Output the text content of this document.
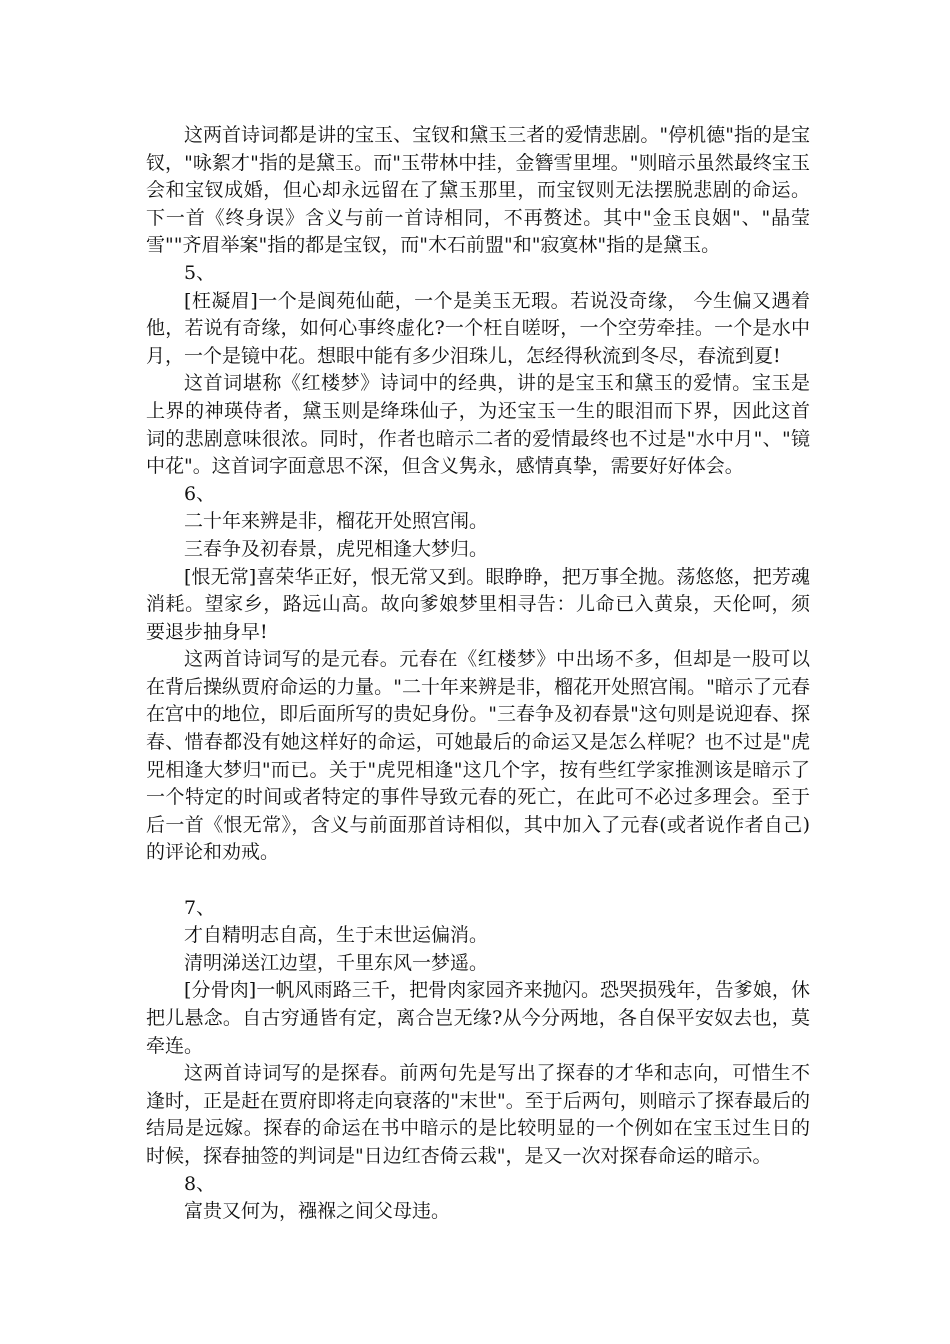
这两首诗词都是讲的宝玉、宝钗和黛玉三者的爱情悲剧。"停机德"指的是宝钗，"咏絮才"指的是黛玉。而"玉带林中挂，金簪雪里埋。"则暗示虽然最终宝玉会和宝钗成婚，但心却永远留在了黛玉那里，而宝钗则无法摆脱悲剧的命运。下一首《终身误》含义与前一首诗相同，不再赘述。其中"金玉良姻"、"晶莹雪""齐眉举案"指的都是宝钗，而"木石前盟"和"寂寞林"指的是黛玉。

5、

[枉凝眉]一个是阆苑仙葩，一个是美玉无瑕。若说没奇缘， 今生偏又遇着他，若说有奇缘，如何心事终虚化?一个枉自嗟呀，一个空劳牵挂。一个是水中月，一个是镜中花。想眼中能有多少泪珠儿，怎经得秋流到冬尽，春流到夏!

这首词堪称《红楼梦》诗词中的经典，讲的是宝玉和黛玉的爱情。宝玉是上界的神瑛侍者，黛玉则是绛珠仙子，为还宝玉一生的眼泪而下界，因此这首词的悲剧意味很浓。同时，作者也暗示二者的爱情最终也不过是"水中月"、"镜中花"。这首词字面意思不深，但含义隽永，感情真挚，需要好好体会。

6、

二十年来辨是非，榴花开处照宫闱。

三春争及初春景，虎兕相逢大梦归。

[恨无常]喜荣华正好，恨无常又到。眼睁睁，把万事全抛。荡悠悠，把芳魂消耗。望家乡，路远山高。故向爹娘梦里相寻告：儿命已入黄泉，天伦呵，须要退步抽身早!

这两首诗词写的是元春。元春在《红楼梦》中出场不多，但却是一股可以在背后操纵贾府命运的力量。"二十年来辨是非，榴花开处照宫闱。"暗示了元春在宫中的地位，即后面所写的贵妃身份。"三春争及初春景"这句则是说迎春、探春、惜春都没有她这样好的命运，可她最后的命运又是怎么样呢？也不过是"虎兕相逢大梦归"而已。关于"虎兕相逢"这几个字，按有些红学家推测该是暗示了一个特定的时间或者特定的事件导致元春的死亡，在此可不必过多理会。至于后一首《恨无常》，含义与前面那首诗相似，其中加入了元春(或者说作者自己)的评论和劝戒。

7、

才自精明志自高，生于末世运偏消。

清明涕送江边望，千里东风一梦遥。

[分骨肉]一帆风雨路三千，把骨肉家园齐来抛闪。恐哭损残年，告爹娘，休把儿悬念。自古穷通皆有定，离合岂无缘?从今分两地，各自保平安奴去也，莫牵连。

这两首诗词写的是探春。前两句先是写出了探春的才华和志向，可惜生不逢时，正是赶在贾府即将走向衰落的"末世"。至于后两句，则暗示了探春最后的结局是远嫁。探春的命运在书中暗示的是比较明显的一个例如在宝玉过生日的时候，探春抽签的判词是"日边红杏倚云栽"，是又一次对探春命运的暗示。

8、

富贵又何为，襁褓之间父母违。
